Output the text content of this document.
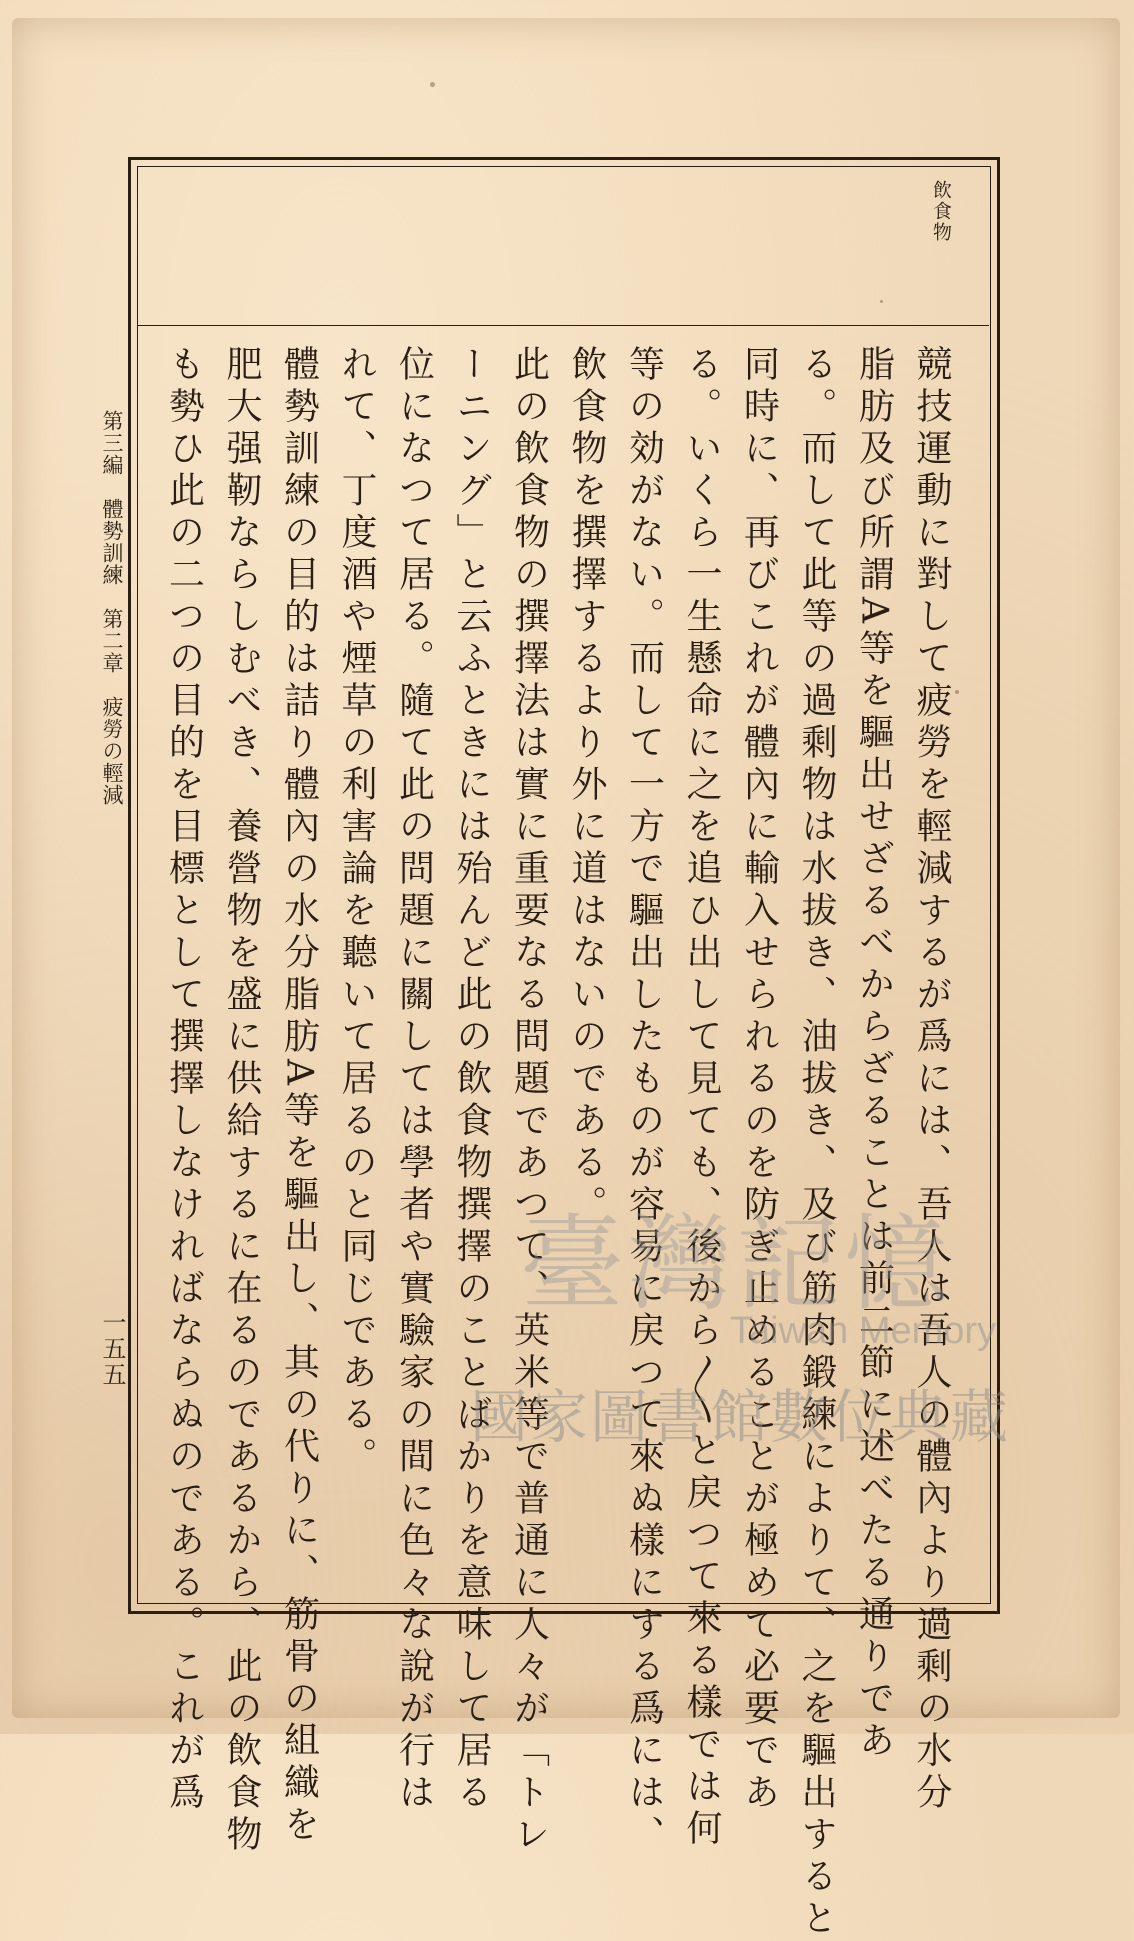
飲食物
競技運動に對して疲勞を輕減するが爲には、吾人は吾人の體內より過剩の水分
脂肪及び所謂A等を驅出せざるべからざることは前二節に述べたる通りであ
る。而して此等の過剩物は水拔き、油拔き、及び筋肉鍛練によりて、之を驅出すると
同時に、再びこれが體內に輸入せられるのを防ぎ止めることが極めて必要であ
る。いくら一生懸命に之を追ひ出して見ても、後から〱と戻つて來る樣では何
等の効がない。而して一方で驅出したものが容易に戻つて來ぬ樣にする爲には、
飲食物を撰擇するより外に道はないのである。
此の飲食物の撰擇法は實に重要なる問題であつて、英米等で普通に人々が「トレ
ーニング」と云ふときには殆んど此の飲食物撰擇のことばかりを意味して居る
位になつて居る。隨て此の問題に關しては學者や實驗家の間に色々な說が行は
れて、丁度酒や煙草の利害論を聽いて居るのと同じである。
體勢訓練の目的は詰り體內の水分脂肪A等を驅出し、其の代りに、筋骨の組織を
肥大强靭ならしむべき、養營物を盛に供給するに在るのであるから、此の飲食物
も勢ひ此の二つの目的を目標として撰擇しなければならぬのである。これが爲
第三編　體勢訓練　第二章　疲勞の輕減
一五五
臺灣記憶
Taiwan Memory
國家圖書館數位典藏
